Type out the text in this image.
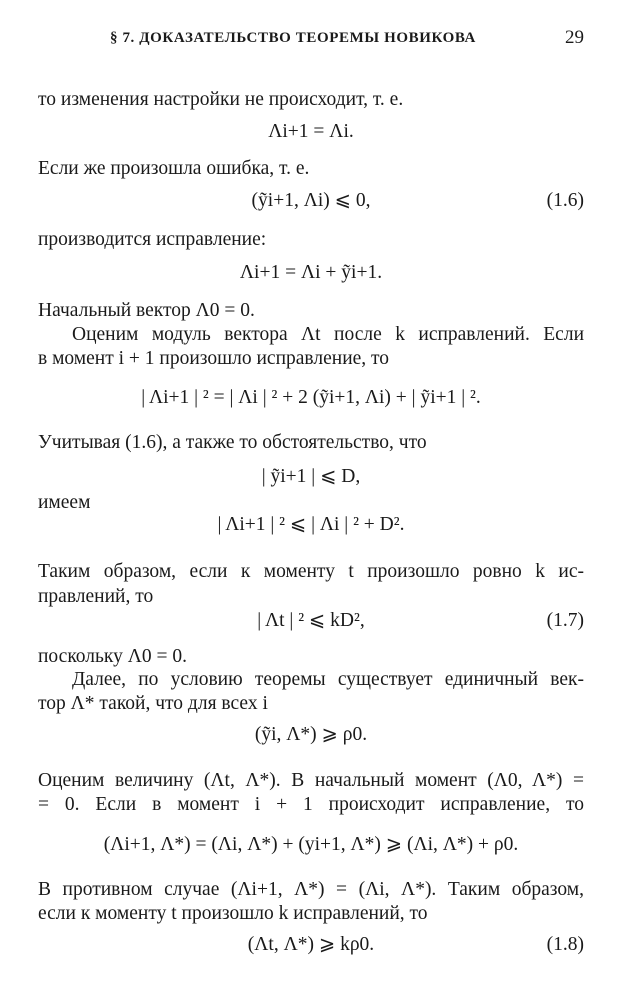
§ 7. ДОКАЗАТЕЛЬСТВО ТЕОРЕМЫ НОВИКОВА	29
то изменения настройки не происходит, т. е.
Λi+1 = Λi.
Если же произошла ошибка, т. е.
(ỹi+1, Λi) ⩽ 0,	(1.6)
производится исправление:
Λi+1 = Λi + ỹi+1.
Начальный вектор Λ0 = 0.
Оценим модуль вектора Λt после k исправлений. Если
в момент i + 1 произошло исправление, то
| Λi+1 | ² = | Λi | ² + 2 (ỹi+1, Λi) + | ỹi+1 | ².
Учитывая (1.6), а также то обстоятельство, что
| ỹi+1 | ⩽ D,
имеем
| Λi+1 | ² ⩽ | Λi | ² + D².
Таким образом, если к моменту t произошло ровно k ис-
правлений, то
| Λt | ² ⩽ kD²,	(1.7)
поскольку Λ0 = 0.
Далее, по условию теоремы существует единичный век-
тор Λ* такой, что для всех i
(ỹi, Λ*) ⩾ ρ0.
Оценим величину (Λt, Λ*). В начальный момент (Λ0, Λ*) =
= 0. Если в момент i + 1 происходит исправление, то
(Λi+1, Λ*) = (Λi, Λ*) + (yi+1, Λ*) ⩾ (Λi, Λ*) + ρ0.
В противном случае (Λi+1, Λ*) = (Λi, Λ*). Таким образом,
если к моменту t произошло k исправлений, то
(Λt, Λ*) ⩾ kρ0.	(1.8)
